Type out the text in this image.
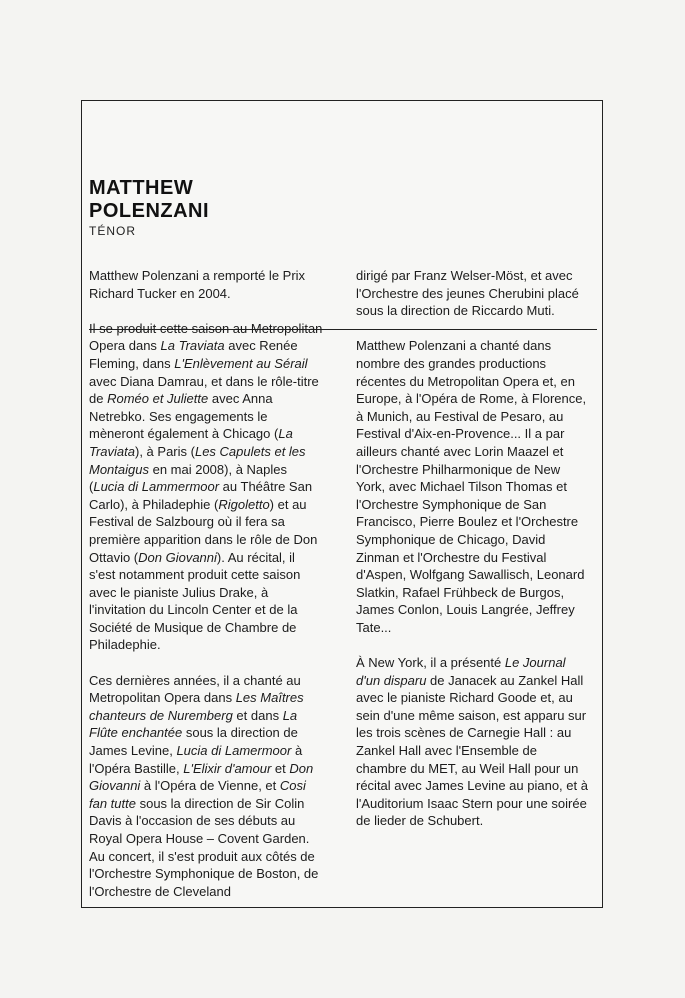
MATTHEW
POLENZANI
TÉNOR

Matthew Polenzani a remporté le Prix Richard Tucker en 2004.

Il se produit cette saison au Metropolitan Opera dans La Traviata avec Renée Fleming, dans L'Enlèvement au Sérail avec Diana Damrau, et dans le rôle-titre de Roméo et Juliette avec Anna Netrebko. Ses engagements le mèneront également à Chicago (La Traviata), à Paris (Les Capulets et les Montaigus en mai 2008), à Naples (Lucia di Lammermoor au Théâtre San Carlo), à Philadephie (Rigoletto) et au Festival de Salzbourg où il fera sa première apparition dans le rôle de Don Ottavio (Don Giovanni). Au récital, il s'est notamment produit cette saison avec le pianiste Julius Drake, à l'invitation du Lincoln Center et de la Société de Musique de Chambre de Philadephie.

Ces dernières années, il a chanté au Metropolitan Opera dans Les Maîtres chanteurs de Nuremberg et dans La Flûte enchantée sous la direction de James Levine, Lucia di Lamermoor à l'Opéra Bastille, L'Elixir d'amour et Don Giovanni à l'Opéra de Vienne, et Cosi fan tutte sous la direction de Sir Colin Davis à l'occasion de ses débuts au Royal Opera House – Covent Garden. Au concert, il s'est produit aux côtés de l'Orchestre Symphonique de Boston, de l'Orchestre de Cleveland

dirigé par Franz Welser-Möst, et avec l'Orchestre des jeunes Cherubini placé sous la direction de Riccardo Muti.

Matthew Polenzani a chanté dans nombre des grandes productions récentes du Metropolitan Opera et, en Europe, à l'Opéra de Rome, à Florence, à Munich, au Festival de Pesaro, au Festival d'Aix-en-Provence... Il a par ailleurs chanté avec Lorin Maazel et l'Orchestre Philharmonique de New York, avec Michael Tilson Thomas et l'Orchestre Symphonique de San Francisco, Pierre Boulez et l'Orchestre Symphonique de Chicago, David Zinman et l'Orchestre du Festival d'Aspen, Wolfgang Sawallisch, Leonard Slatkin, Rafael Frühbeck de Burgos, James Conlon, Louis Langrée, Jeffrey Tate...

À New York, il a présenté Le Journal d'un disparu de Janacek au Zankel Hall avec le pianiste Richard Goode et, au sein d'une même saison, est apparu sur les trois scènes de Carnegie Hall : au Zankel Hall avec l'Ensemble de chambre du MET, au Weil Hall pour un récital avec James Levine au piano, et à l'Auditorium Isaac Stern pour une soirée de lieder de Schubert.
